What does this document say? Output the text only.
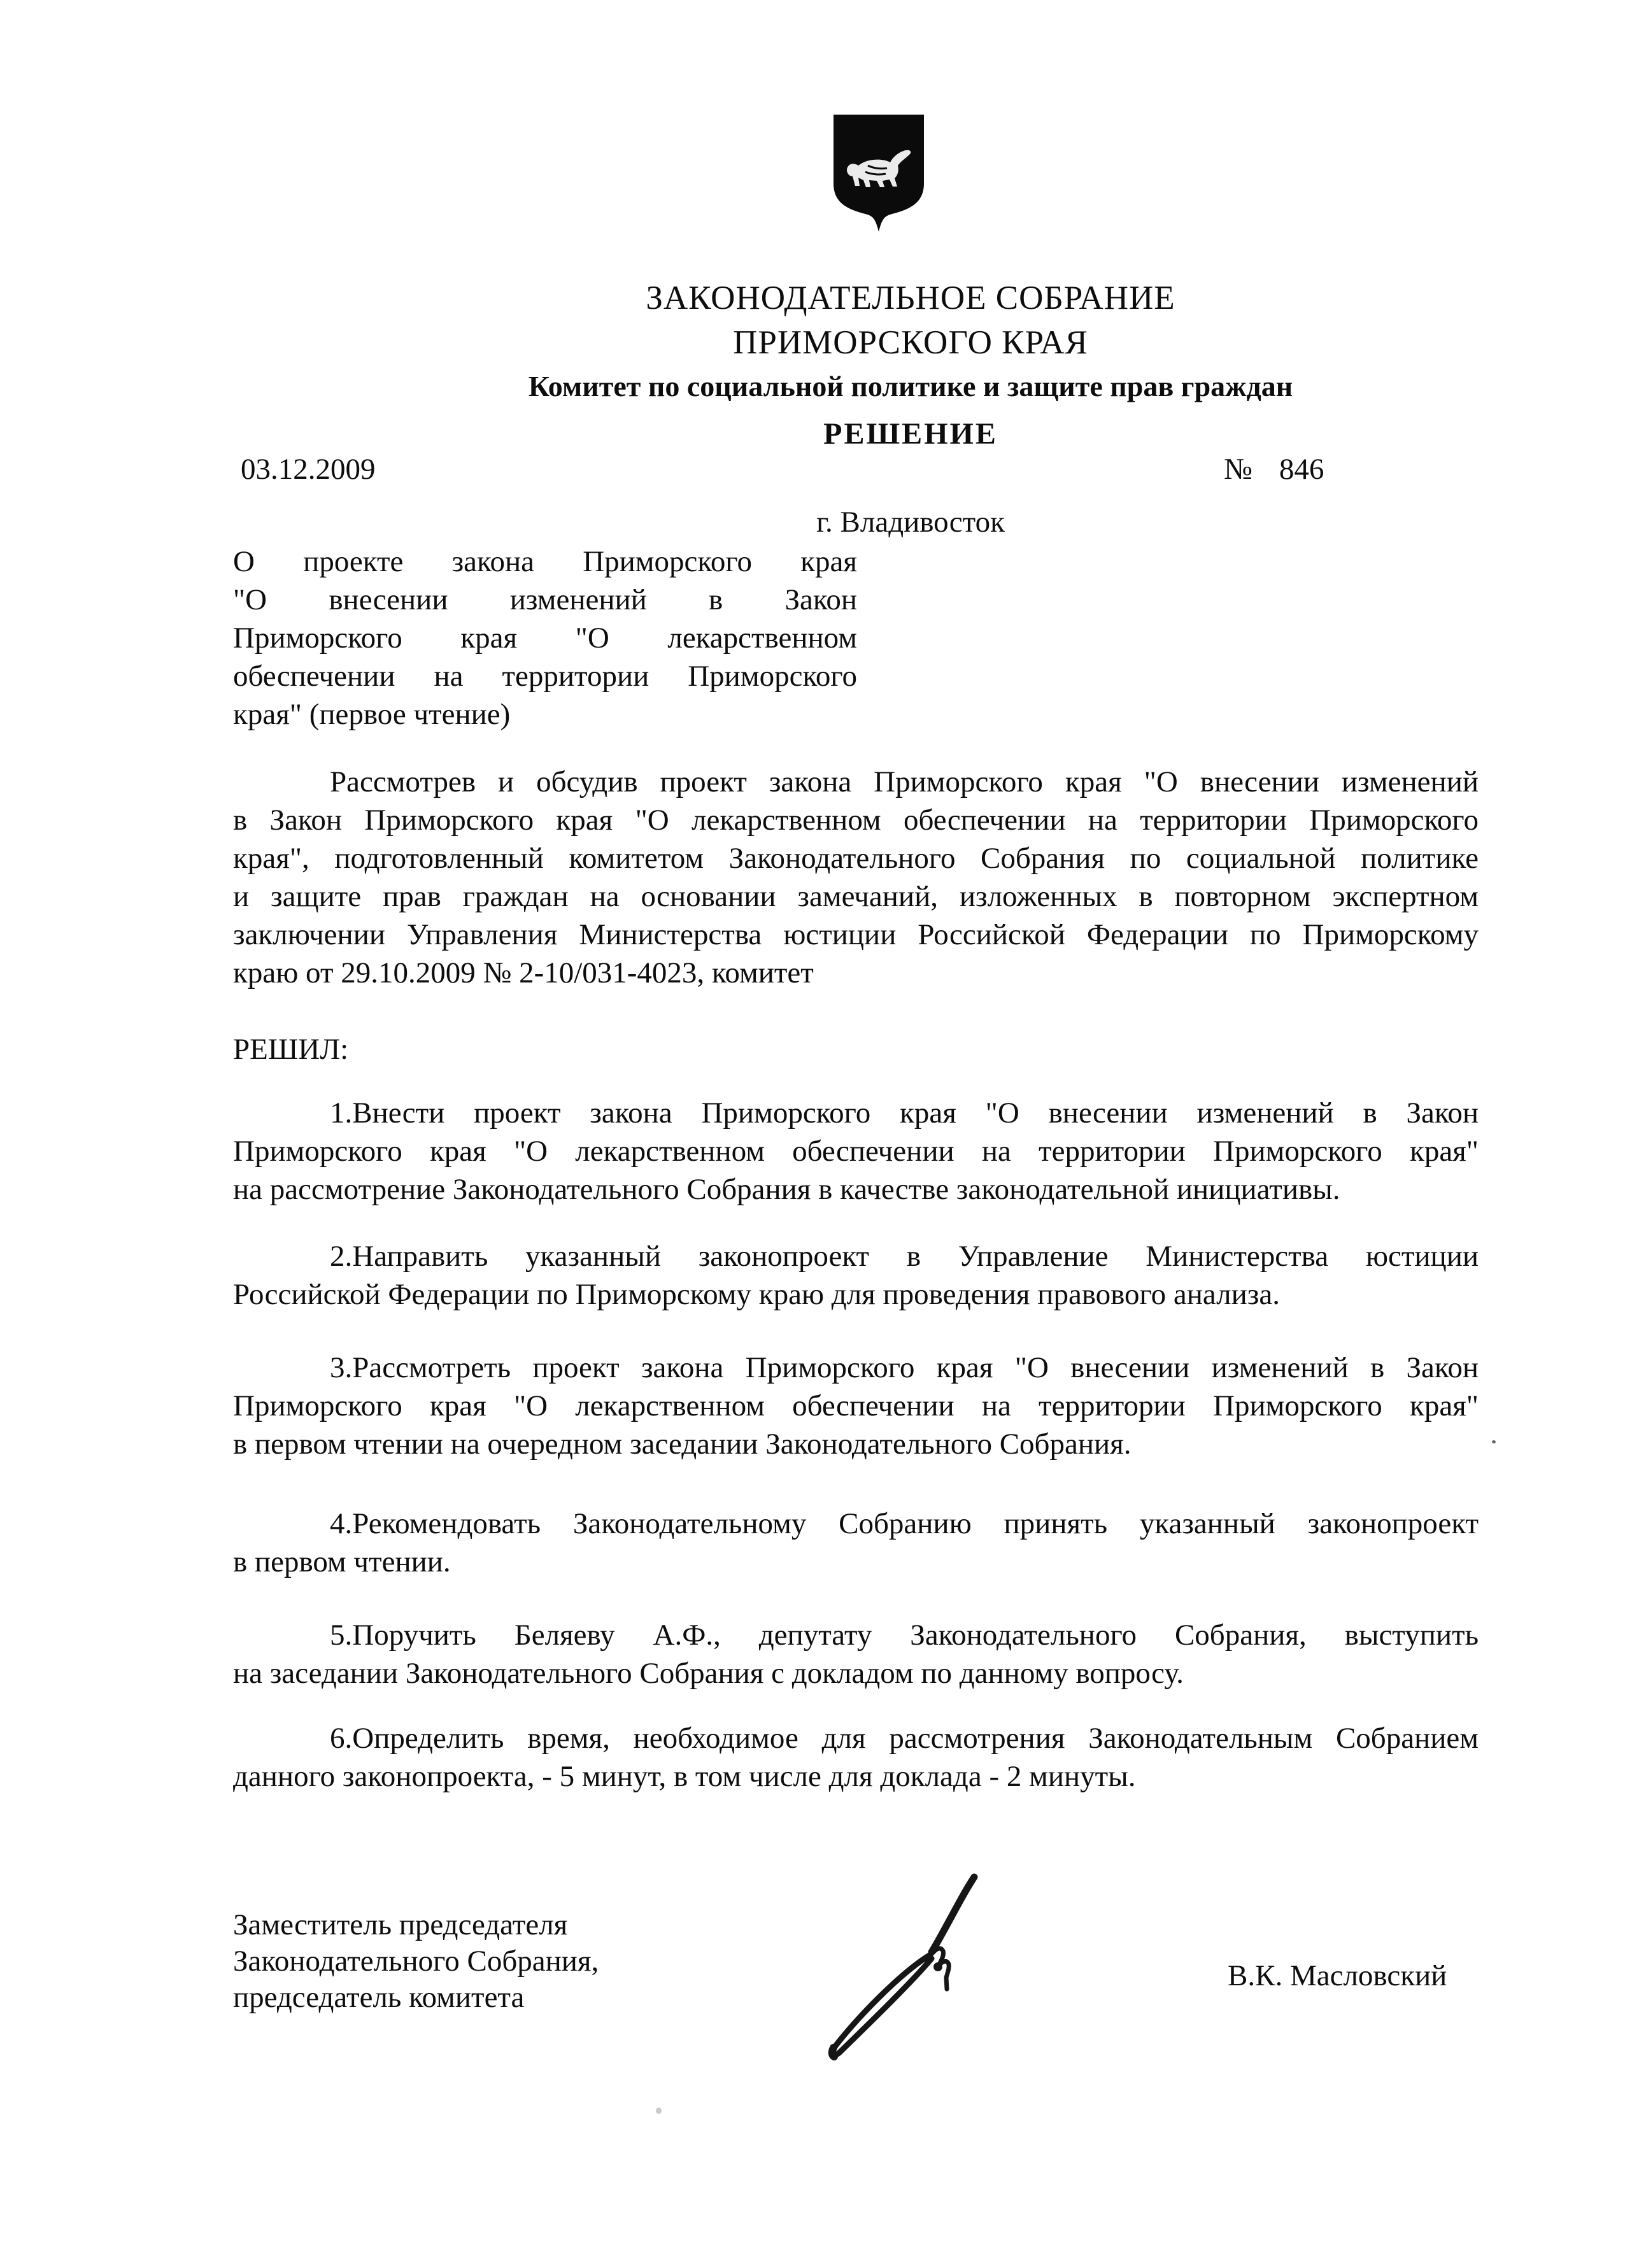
ЗАКОНОДАТЕЛЬНОЕ СОБРАНИЕ
ПРИМОРСКОГО КРАЯ
Комитет по социальной политике и защите прав граждан
РЕШЕНИЕ
03.12.2009	№ 846
г. Владивосток
О проекте закона Приморского края
"О внесении изменений в Закон
Приморского края "О лекарственном
обеспечении на территории Приморского
края" (первое чтение)
Рассмотрев и обсудив проект закона Приморского края "О внесении изменений
в Закон Приморского края "О лекарственном обеспечении на территории Приморского
края", подготовленный комитетом Законодательного Собрания по социальной политике
и защите прав граждан на основании замечаний, изложенных в повторном экспертном
заключении Управления Министерства юстиции Российской Федерации по Приморскому
краю от 29.10.2009 № 2-10/031-4023, комитет
РЕШИЛ:
1.Внести проект закона Приморского края "О внесении изменений в Закон
Приморского края "О лекарственном обеспечении на территории Приморского края"
на рассмотрение Законодательного Собрания в качестве законодательной инициативы.
2.Направить указанный законопроект в Управление Министерства юстиции
Российской Федерации по Приморскому краю для проведения правового анализа.
3.Рассмотреть проект закона Приморского края "О внесении изменений в Закон
Приморского края "О лекарственном обеспечении на территории Приморского края"
в первом чтении на очередном заседании Законодательного Собрания.
4.Рекомендовать Законодательному Собранию принять указанный законопроект
в первом чтении.
5.Поручить Беляеву А.Ф., депутату Законодательного Собрания, выступить
на заседании Законодательного Собрания с докладом по данному вопросу.
6.Определить время, необходимое для рассмотрения Законодательным Собранием
данного законопроекта, - 5 минут, в том числе для доклада - 2 минуты.
Заместитель председателя
Законодательного Собрания,
председатель комитета
В.К. Масловский
